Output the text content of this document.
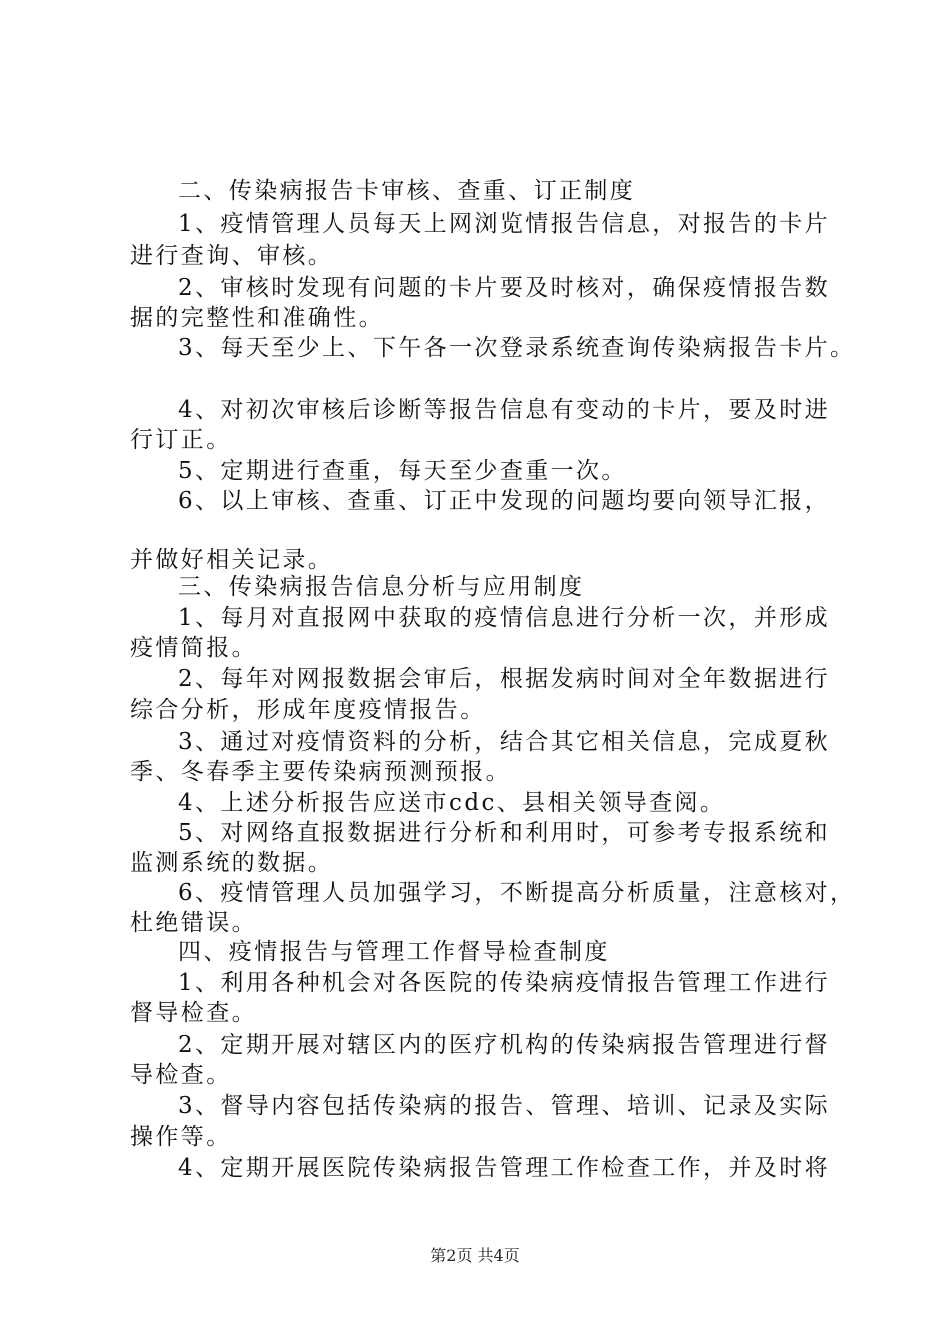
二、传染病报告卡审核、查重、订正制度
1、疫情管理人员每天上网浏览情报告信息，对报告的卡片
进行查询、审核。
2、审核时发现有问题的卡片要及时核对，确保疫情报告数
据的完整性和准确性。
3、每天至少上、下午各一次登录系统查询传染病报告卡片。
4、对初次审核后诊断等报告信息有变动的卡片，要及时进
行订正。
5、定期进行查重，每天至少查重一次。
6、以上审核、查重、订正中发现的问题均要向领导汇报，
并做好相关记录。
三、传染病报告信息分析与应用制度
1、每月对直报网中获取的疫情信息进行分析一次，并形成
疫情简报。
2、每年对网报数据会审后，根据发病时间对全年数据进行
综合分析，形成年度疫情报告。
3、通过对疫情资料的分析，结合其它相关信息，完成夏秋
季、冬春季主要传染病预测预报。
4、上述分析报告应送市cdc、县相关领导查阅。
5、对网络直报数据进行分析和利用时，可参考专报系统和
监测系统的数据。
6、疫情管理人员加强学习，不断提高分析质量，注意核对，
杜绝错误。
四、疫情报告与管理工作督导检查制度
1、利用各种机会对各医院的传染病疫情报告管理工作进行
督导检查。
2、定期开展对辖区内的医疗机构的传染病报告管理进行督
导检查。
3、督导内容包括传染病的报告、管理、培训、记录及实际
操作等。
4、定期开展医院传染病报告管理工作检查工作，并及时将
第2页 共4页
